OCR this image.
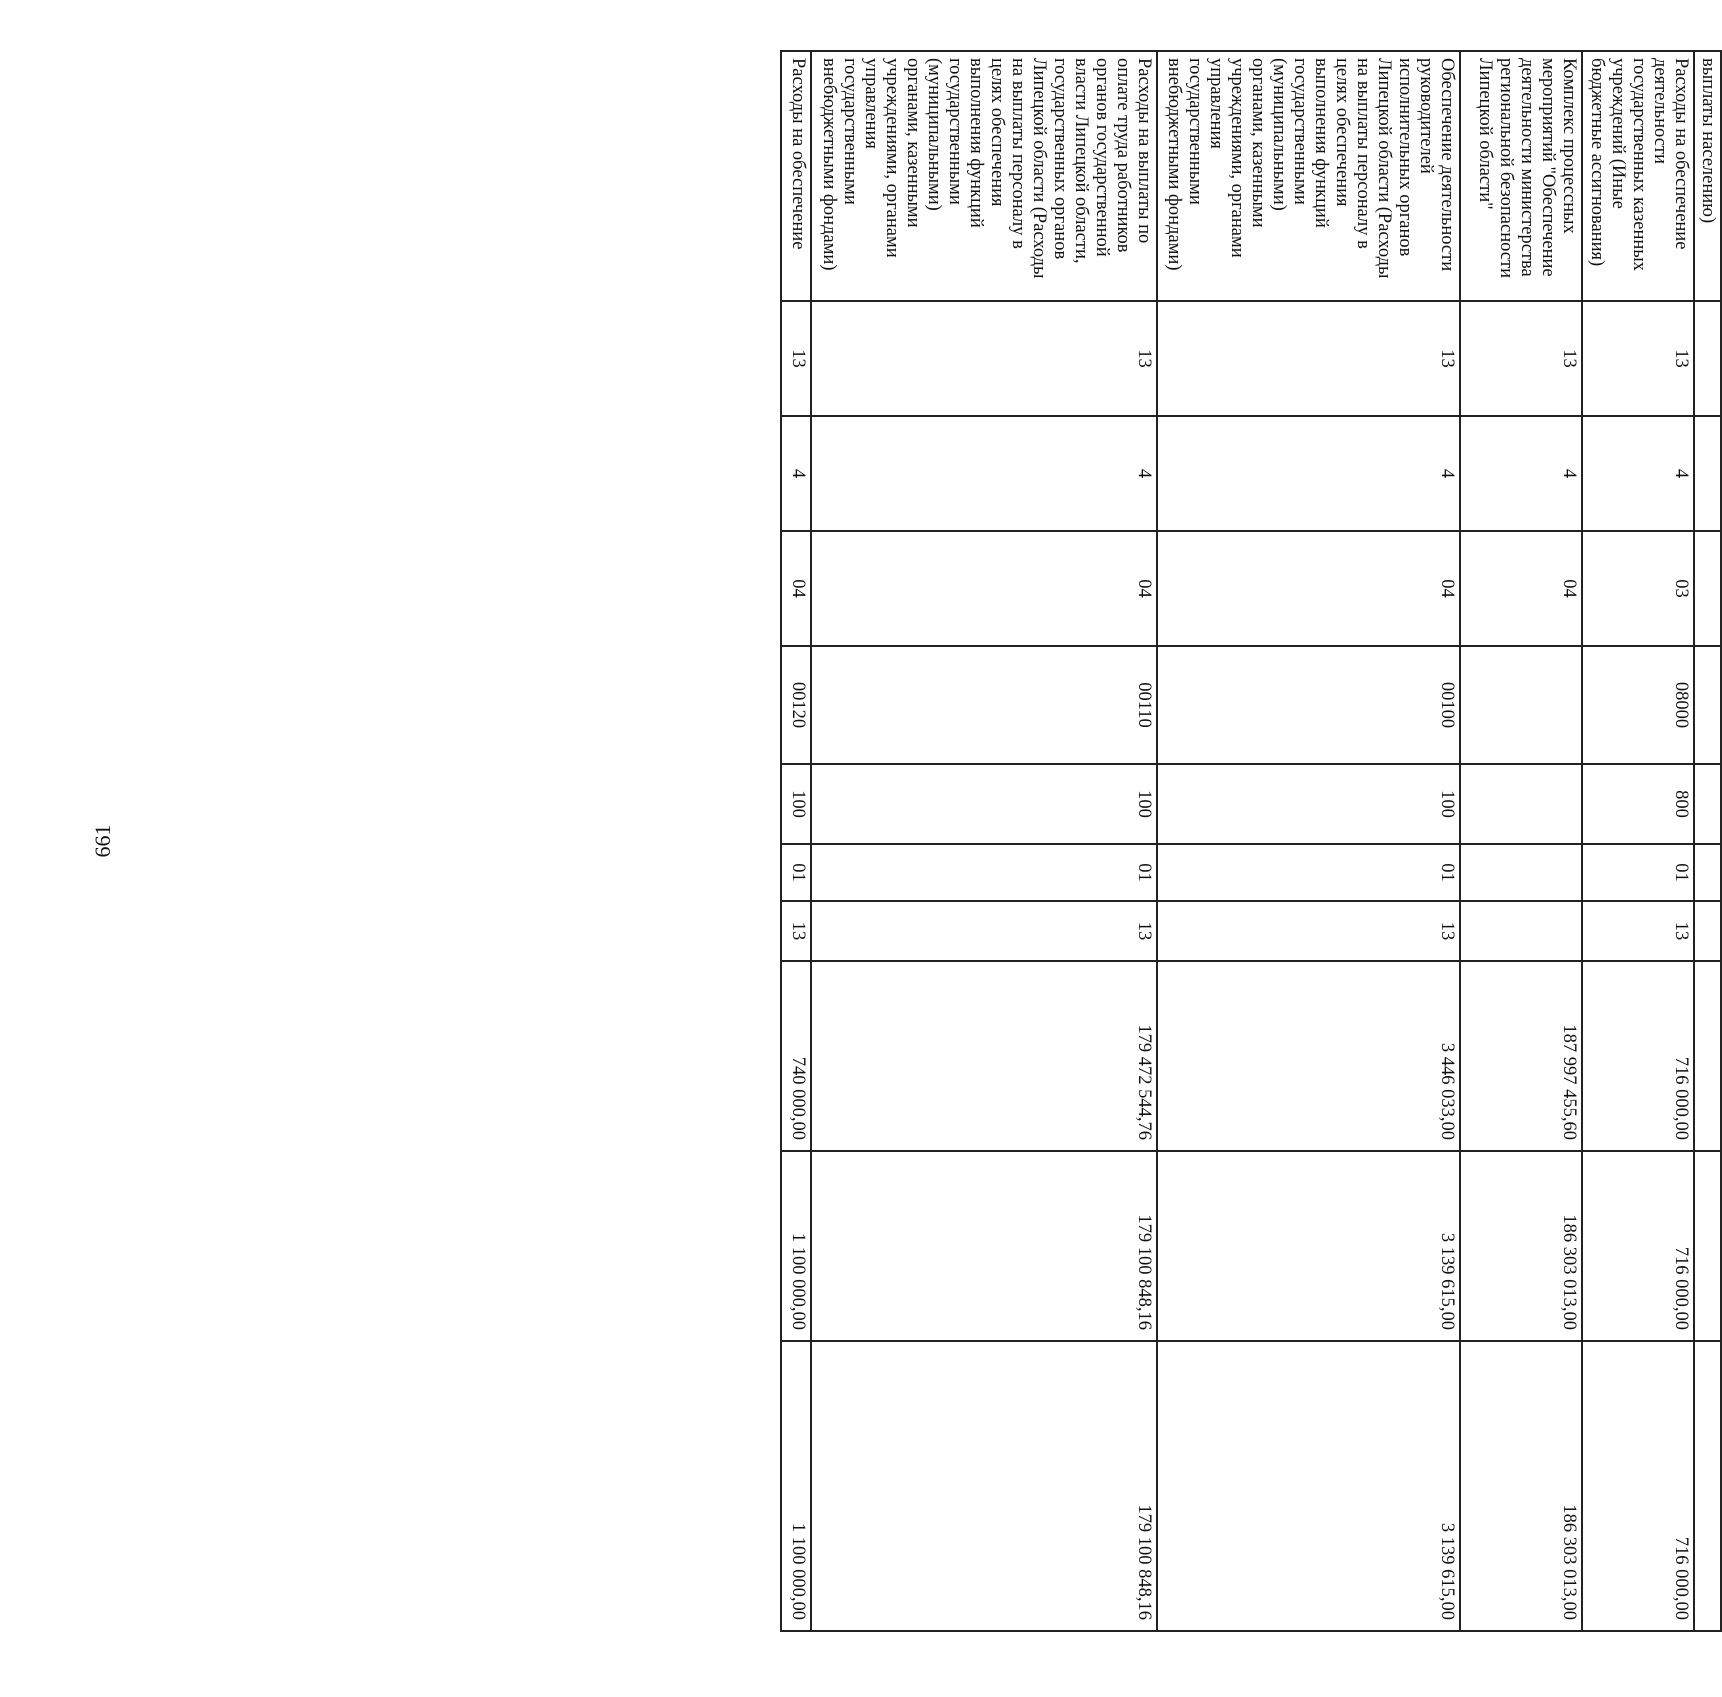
661
выплаты населению)										
Расходы на обеспечение деятельности государственных казенных учреждений (Иные бюджетные ассигнования)	13	4	03	08000	800	01	13	716 000,00	716 000,00	716 000,00
Комплекс процессных мероприятий "Обеспечение деятельности министерства региональной безопасности Липецкой области"	13	4	04					187 997 455,60	186 303 013,00	186 303 013,00
Обеспечение деятельности руководителей исполнительных органов Липецкой области (Расходы на выплаты персоналу в целях обеспечения выполнения функций государственными (муниципальными) органами, казенными учреждениями, органами управления государственными внебюджетными фондами)	13	4	04	00100	100	01	13	3 446 033,00	3 139 615,00	3 139 615,00
Расходы на выплаты по оплате труда работников органов государственной власти Липецкой области, государственных органов Липецкой области (Расходы на выплаты персоналу в целях обеспечения выполнения функций государственными (муниципальными) органами, казенными учреждениями, органами управления государственными внебюджетными фондами)	13	4	04	00110	100	01	13	179 472 544,76	179 100 848,16	179 100 848,16
Расходы на обеспечение	13	4	04	00120	100	01	13	740 000,00	1 100 000,00	1 100 000,00
